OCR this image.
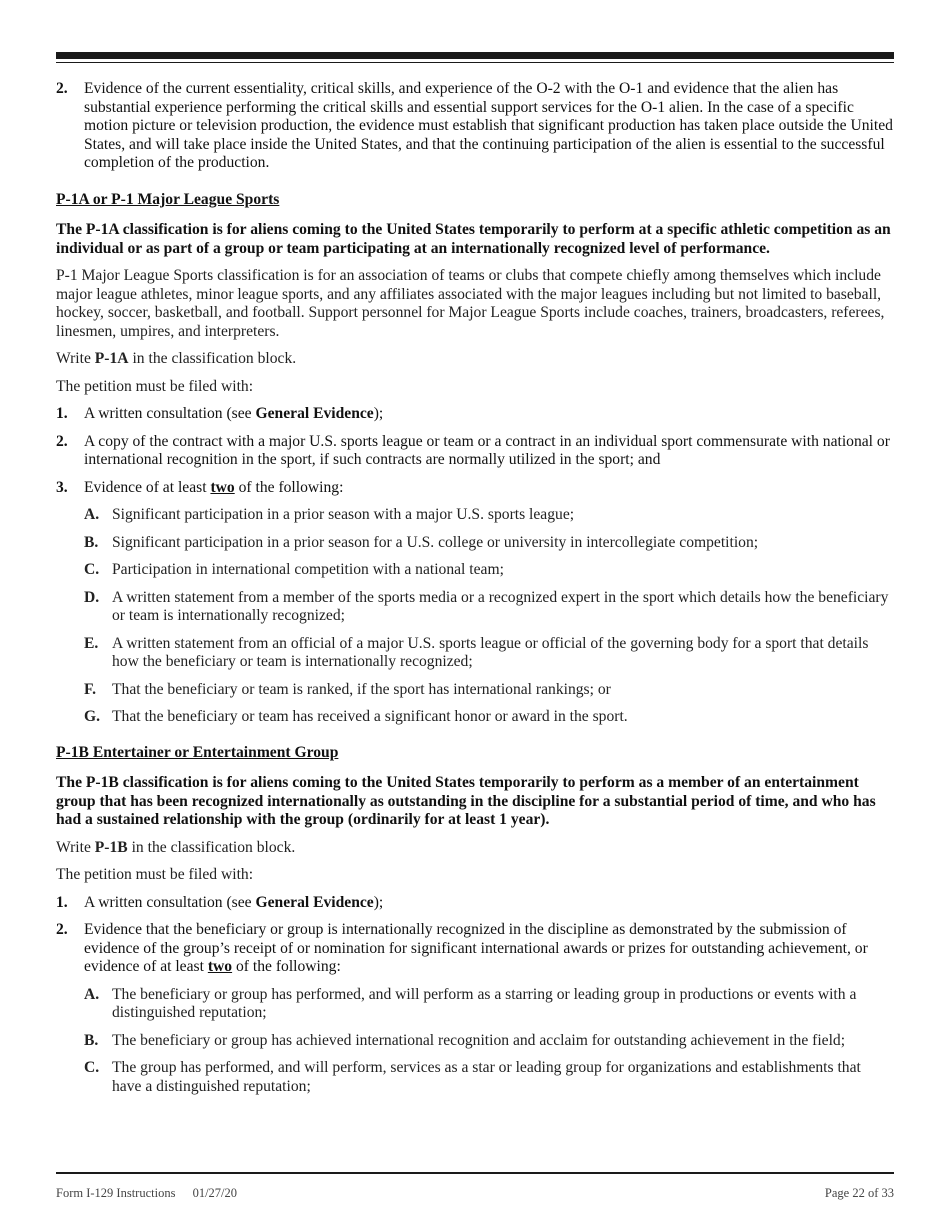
2.	Evidence of the current essentiality, critical skills, and experience of the O-2 with the O-1 and evidence that the alien has substantial experience performing the critical skills and essential support services for the O-1 alien. In the case of a specific motion picture or television production, the evidence must establish that significant production has taken place outside the United States, and will take place inside the United States, and that the continuing participation of the alien is essential to the successful completion of the production.

P-1A or P-1 Major League Sports

The P-1A classification is for aliens coming to the United States temporarily to perform at a specific athletic competition as an individual or as part of a group or team participating at an internationally recognized level of performance.

P-1 Major League Sports classification is for an association of teams or clubs that compete chiefly among themselves which include major league athletes, minor league sports, and any affiliates associated with the major leagues including but not limited to baseball, hockey, soccer, basketball, and football. Support personnel for Major League Sports include coaches, trainers, broadcasters, referees, linesmen, umpires, and interpreters.

Write P-1A in the classification block.

The petition must be filed with:

1.	A written consultation (see General Evidence);

2.	A copy of the contract with a major U.S. sports league or team or a contract in an individual sport commensurate with national or international recognition in the sport, if such contracts are normally utilized in the sport; and

3.	Evidence of at least two of the following:

A. Significant participation in a prior season with a major U.S. sports league;

B. Significant participation in a prior season for a U.S. college or university in intercollegiate competition;

C. Participation in international competition with a national team;

D. A written statement from a member of the sports media or a recognized expert in the sport which details how the beneficiary or team is internationally recognized;

E. A written statement from an official of a major U.S. sports league or official of the governing body for a sport that details how the beneficiary or team is internationally recognized;

F.	That the beneficiary or team is ranked, if the sport has international rankings; or

G. That the beneficiary or team has received a significant honor or award in the sport.

P-1B Entertainer or Entertainment Group

The P-1B classification is for aliens coming to the United States temporarily to perform as a member of an entertainment group that has been recognized internationally as outstanding in the discipline for a substantial period of time, and who has had a sustained relationship with the group (ordinarily for at least 1 year).

Write P-1B in the classification block.

The petition must be filed with:

1.	A written consultation (see General Evidence);

2.	Evidence that the beneficiary or group is internationally recognized in the discipline as demonstrated by the submission of evidence of the group’s receipt of or nomination for significant international awards or prizes for outstanding achievement, or evidence of at least two of the following:

A. The beneficiary or group has performed, and will perform as a starring or leading group in productions or events with a distinguished reputation;

B. The beneficiary or group has achieved international recognition and acclaim for outstanding achievement in the field;

C. The group has performed, and will perform, services as a star or leading group for organizations and establishments that have a distinguished reputation;

Form I-129 Instructions 01/27/20	Page 22 of 33
